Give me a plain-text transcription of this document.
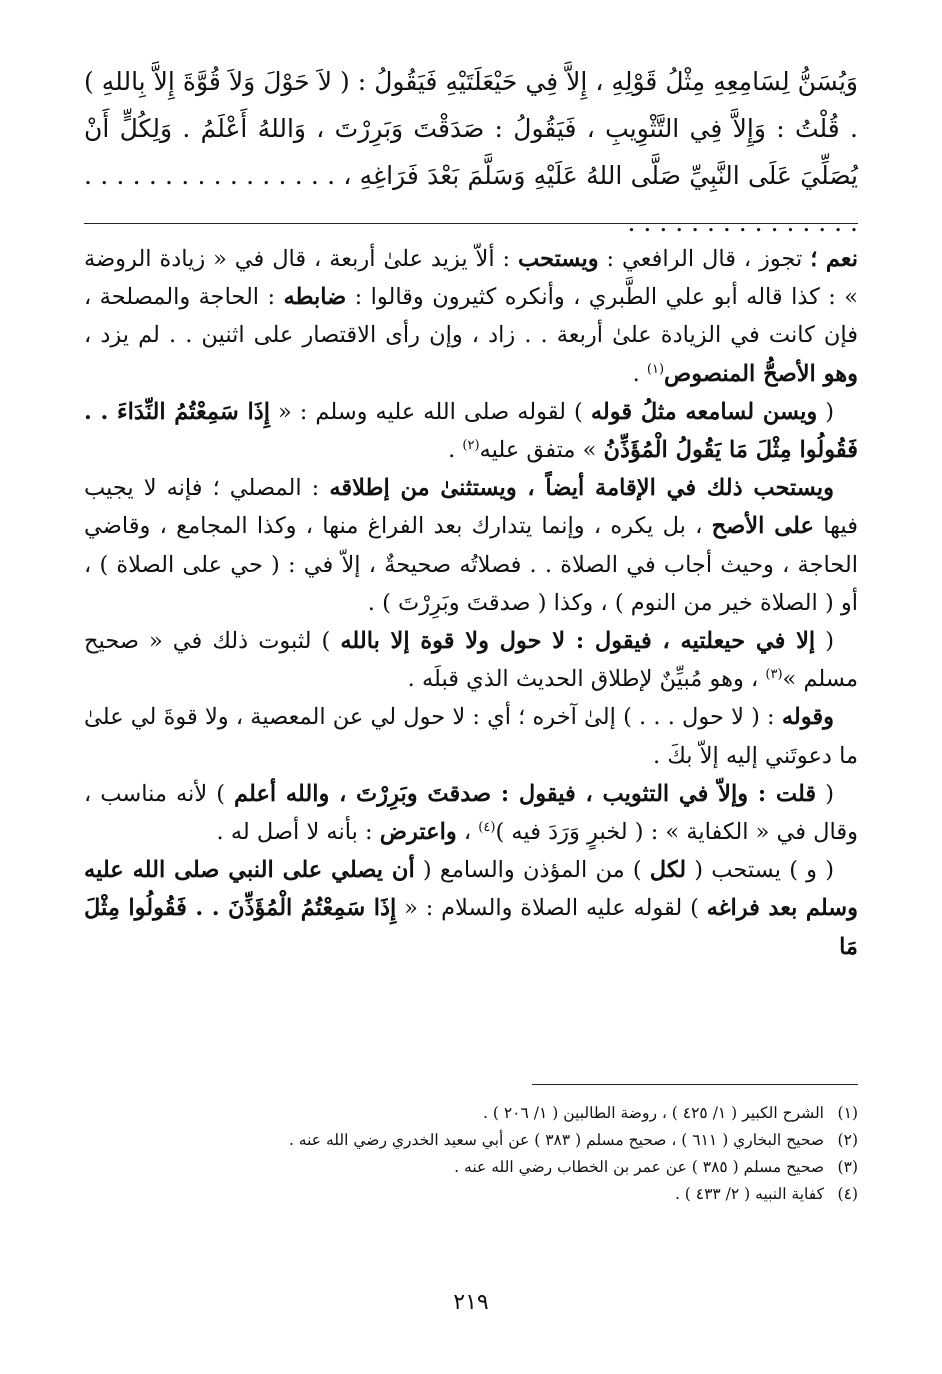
وَيُسَنُّ لِسَامِعِهِ مِثْلُ قَوْلِهِ ، إِلاَّ فِي حَيْعَلَتَيْهِ فَيَقُولُ : ( لاَ حَوْلَ وَلاَ قُوَّةَ إِلاَّ بِاللهِ ) . قُلْتُ : وَإِلاَّ فِي التَّثْوِيبِ ، فَيَقُولُ : صَدَقْتَ وَبَرِرْتَ ، وَاللهُ أَعْلَمُ . وَلِكُلٍّ أَنْ يُصَلِّيَ عَلَى النَّبِيِّ صَلَّى اللهُ عَلَيْهِ وَسَلَّمَ بَعْدَ فَرَاغِهِ ، . . . . . . . . . . . . . . . . . . . . . . . . . . . . . . .

نعم ؛ تجوز ، قال الرافعي : ويستحب : ألاّ يزيد علىٰ أربعة ، قال في « زيادة الروضة » : كذا قاله أبو علي الطَّبري ، وأنكره كثيرون وقالوا : ضابطه : الحاجة والمصلحة ، فإن كانت في الزيادة علىٰ أربعة . . زاد ، وإن رأى الاقتصار على اثنين . . لم يزد ، وهو الأصحُّ المنصوص$^{(١)}$ .

( ويسن لسامعه مثلُ قوله ) لقوله صلى الله عليه وسلم : « إِذَا سَمِعْتُمُ النِّدَاءَ . . فَقُولُوا مِثْلَ مَا يَقُولُ الْمُؤَذِّنُ » متفق عليه$^{(٢)}$ .

ويستحب ذلك في الإقامة أيضاً ، ويستثنىٰ من إطلاقه : المصلي ؛ فإنه لا يجيب فيها على الأصح ، بل يكره ، وإنما يتدارك بعد الفراغ منها ، وكذا المجامع ، وقاضي الحاجة ، وحيث أجاب في الصلاة . . فصلاتُه صحيحةٌ ، إلاّ في : ( حي على الصلاة ) ، أو ( الصلاة خير من النوم ) ، وكذا ( صدقتَ وبَرِرْتَ ) .

( إلا في حيعلتيه ، فيقول : لا حول ولا قوة إلا بالله ) لثبوت ذلك في « صحيح مسلم »$^{(٣)}$ ، وهو مُبيِّنٌ لإطلاق الحديث الذي قبلَه .

وقوله : ( لا حول . . . ) إلىٰ آخره ؛ أي : لا حول لي عن المعصية ، ولا قوةَ لي علىٰ ما دعوتَني إليه إلاّ بكَ .

( قلت : وإلاّ في التثويب ، فيقول : صدقتَ وبَرِرْتَ ، والله أعلم ) لأنه مناسب ، وقال في « الكفاية » : ( لخبرٍ وَرَدَ فيه )$^{(٤)}$ ، واعترض : بأنه لا أصل له .

( و ) يستحب ( لكل ) من المؤذن والسامع ( أن يصلي على النبي صلى الله عليه وسلم بعد فراغه ) لقوله عليه الصلاة والسلام : « إِذَا سَمِعْتُمُ الْمُؤَذِّنَ . . فَقُولُوا مِثْلَ مَا

(١)الشرح الكبير ( ١/ ٤٢٥ ) ، روضة الطالبين ( ١/ ٢٠٦ ) .
(٢)صحيح البخاري ( ٦١١ ) ، صحيح مسلم ( ٣٨٣ ) عن أبي سعيد الخدري رضي الله عنه .
(٣)صحيح مسلم ( ٣٨٥ ) عن عمر بن الخطاب رضي الله عنه .
(٤)كفاية النبيه ( ٢/ ٤٣٣ ) .
٢١٩
